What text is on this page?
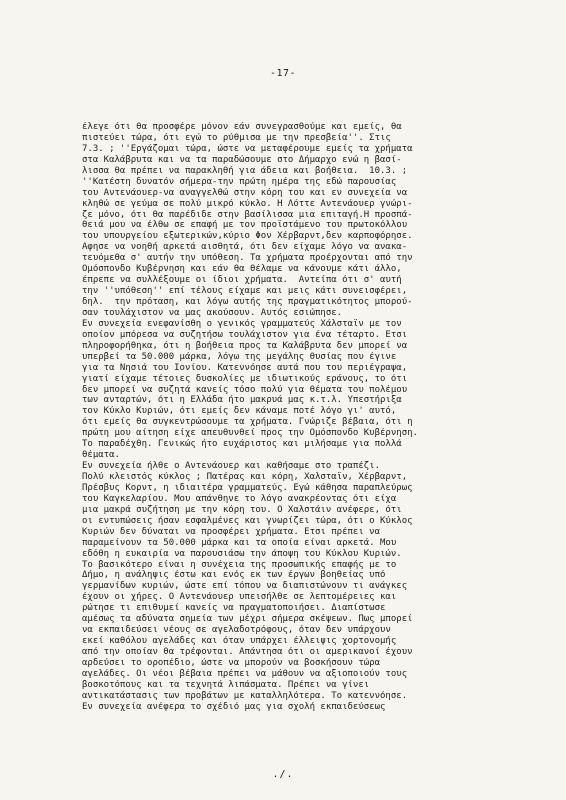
-17-
έλεγε ότι θα προσφέρε μόνον εάν συνεγρασθούμε και εμείς, θα
πιστεύει τώρα, ότι εγώ το ρύθμισα με την πρεσβεία''. Στις
7.3. ; ''Εργάζομαι τώρα, ώστε να μεταφέρουμε εμείς τα χρήματα
στα Καλάβρυτα και να τα παραδώσουμε στο Δήμαρχο ενώ η βασί-
λισσα θα πρέπει να παρακληθή για άδεια και βοήθεια.  10.3. ;
''Κατέστη δυνατόν σήμερα-την πρώτη ημέρα της εδώ παρουσίας
του Αντενάουερ-να αναγγελθώ στην κόρη του και εν συνεχεία να
κληθώ σε γεύμα σε πολύ μικρό κύκλο. Η Λόττε Αντενάουερ γνώρι-
ζε μόνο, ότι θα παρέδιδε στην βασίλισσα μια επιταγή.Η προσπά-
θειά μου να έλθω σε επαφή με τον προϊστάμενο του πρωτοκόλλου
του υπουργείου εξωτερικών,κύριο Φον Χέρβαρντ,δεν καρποφόρησε.
Αφησε να νοηθή αρκετά αισθητά, ότι δεν είχαμε λόγο να ανακα-
τευόμεθα σ' αυτήν την υπόθεση. Τα χρήματα προέρχονται από την
Ομόσπονδο Κυβέρνηση και εάν θα θέλαμε να κάνουμε κάτι άλλο,
έπρεπε να συλλέξουμε οι ίδιοι χρήματα.  Αντείπα ότι σ' αυτή
την ''υπόθεση'' επί τέλους είχαμε και μεις κάτι συνεισφέρει,
δηλ.  την πρόταση, και λόγω αυτής της πραγματικότητος μπορού-
σαν τουλάχιστον να μας ακούσουν. Αυτός εσιώπησε.
Εν συνεχεία ενεφανίσθη ο γενικός γραμματεύς Χάλσταϊν με τον
οποίον μπόρεσα να συζητήσω τουλάχιστον για ένα τέταρτο. Ετσι
πληροφορήθηκα, ότι η βοήθεια προς τα Καλάβρυτα δεν μπορεί να
υπερβεί τα 50.000 μάρκα, λόγω της μεγάλης θυσίας που έγινε
για τα Νησιά του Ιονίου. Κατεννόησε αυτά που του περιέγραψα,
γιατί είχαμε τέτοιες δυσκολίες με ιδιωτικούς εράνους, το ότι
δεν μπορεί να συζητά κανείς τόσο πολύ για θέματα του πολέμου
των ανταρτών, ότι η Ελλάδα ήτο μακρυά μας κ.τ.λ. Υπεστήριξα
τον Κύκλο Κυριών, ότι εμείς δεν κάναμε ποτέ λόγο γι' αυτό,
ότι εμείς θα συγκεντρώσουμε τα χρήματα. Γνώριζε βέβαια, ότι η
πρώτη μου αίτηση είχε απευθυνθεί προς την Ομόσπονδο Κυβέρνηση.
Το παραδέχθη. Γενικώς ήτο ευχάριστος και μιλήσαμε για πολλά
θέματα.
Εν συνεχεία ήλθε ο Αντενάουερ και καθήσαμε στο τραπέζι.
Πολύ κλειστός κύκλος ; Πατέρας και κόρη, Χαλσταϊν, Χέρβαρντ,
Πρέσβυς Κορντ, η ιδιαιτέρα γραμματεύς. Εγώ κάθησα παραπλεύρως
του Καγκελαρίου. Μου απάνθηνε το λόγο ανακρέοντας ότι είχα
μια μακρά συζήτηση με την κόρη του. Ο Χαλστάιν ανέφερε, ότι
οι εντυπώσεις ήσαν εσφαλμένες και γνωρίζει τώρα, ότι ο Κύκλος
Κυριών δεν δύναται να προσφέρει χρήματα. Ετσι πρέπει να
παραμείνουν τα 50.000 μάρκα και τα οποία είναι αρκετά. Μου
εδόθη η ευκαιρία να παρουσιάσω την άποψη του Κύκλου Κυριών.
Το βασικότερο είναι η συνέχεια της προσωπικής επαφής με το
Δήμο, η ανάληψις έστω και ενός εκ των έργων βοηθείας υπό
γερμανίδων κυριών, ώστε επί τόπου να διαπιστώνουν τι ανάγκες
έχουν οι χήρες. Ο Αντενάουερ υπεισήλθε σε λεπτομέρειες και
ρώτησε τι επιθυμεί κανείς να πραγματοποιήσει. Διαπίστωσε
αμέσως τα αδύνατα σημεία των μέχρι σήμερα σκέψεων. Πως μπορεί
να εκπαιδεύσει νέους σε αγελαδοτρόφους, όταν δεν υπάρχουν
εκεί καθόλου αγελάδες και όταν υπάρχει έλλειψις χορτονομής
από την οποίαν θα τρέφονται. Απάντησα ότι οι αμερικανοί έχουν
αρδεύσει το οροπέδιο, ώστε να μπορούν να βοσκήσουν τώρα
αγελάδες. Οι νέοι βέβαια πρέπει να μάθουν να αξιοποιούν τους
βοσκοτόπους και τα τεχνητά λιπάσματα. Πρέπει να γίνει
αντικατάστασις των προβάτων με καταλληλότερα. Το κατεννόησε.
Εν συνεχεία ανέφερα το σχέδιό μας για σχολή εκπαιδεύσεως
./.
